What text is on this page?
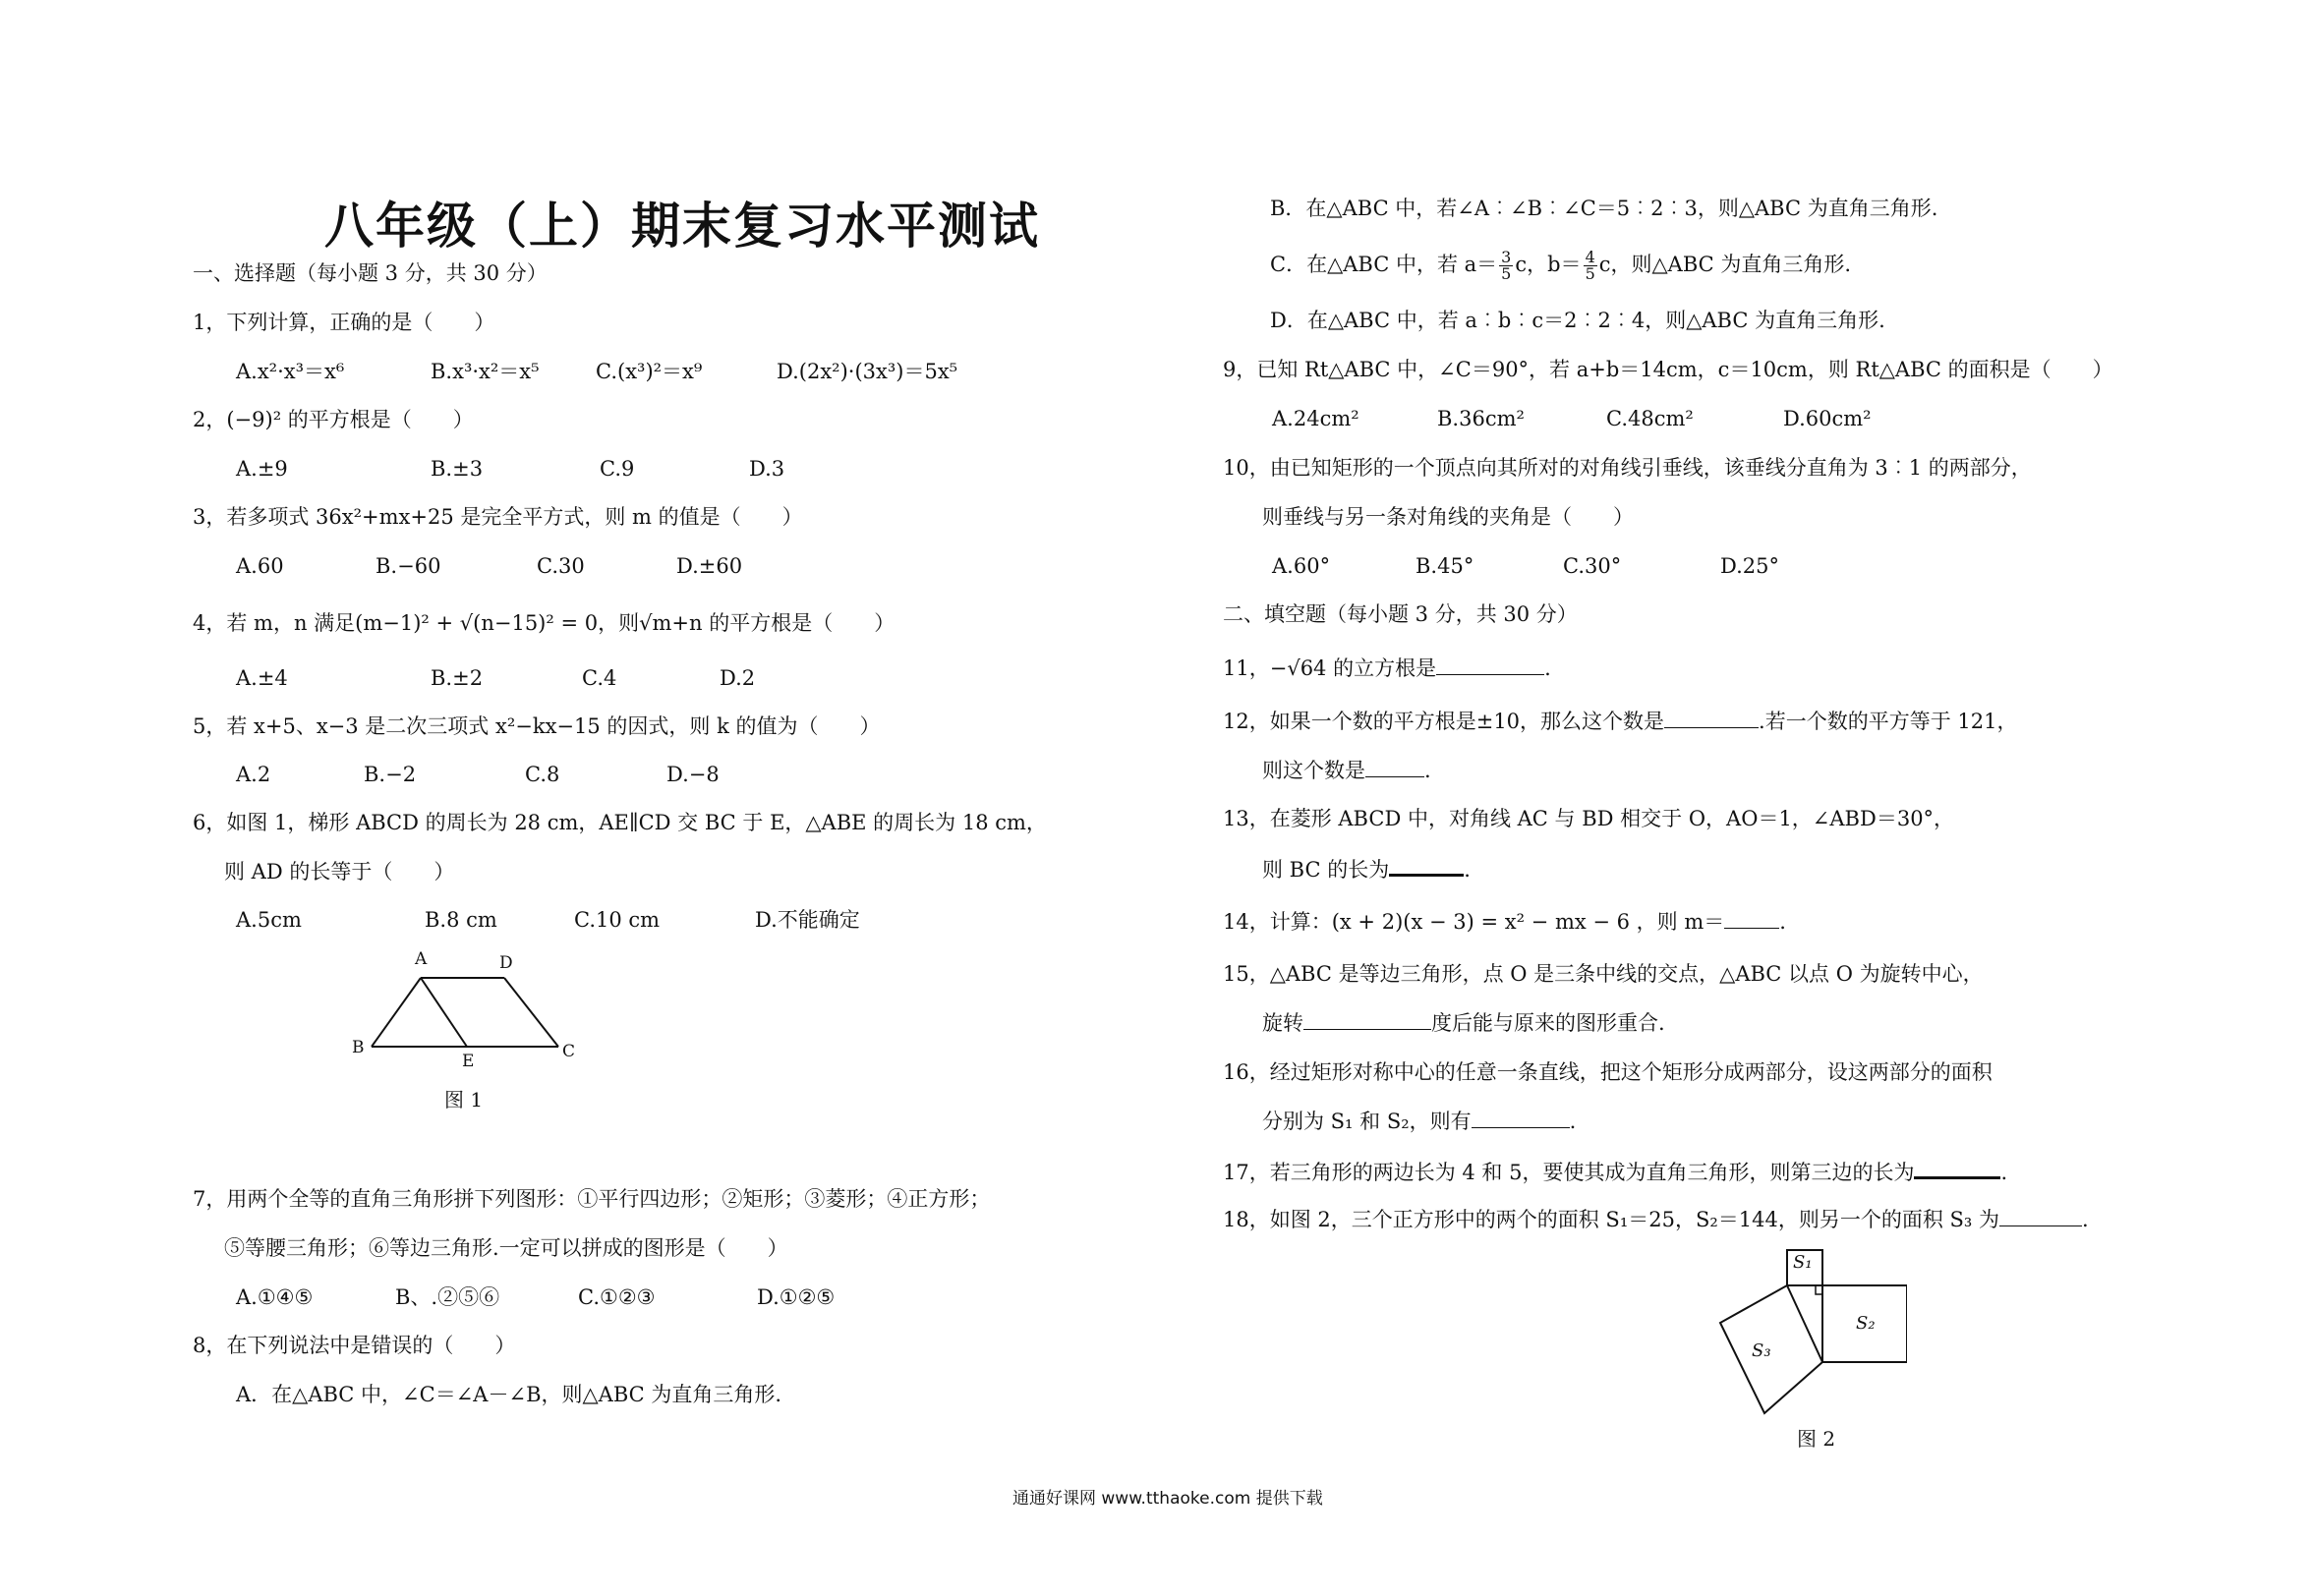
八年级（上）期末复习水平测试
一、选择题（每小题 3 分，共 30 分）
1，下列计算，正确的是（　　）
A.x²·x³＝x⁶	B.x³·x²＝x⁵	C.(x³)²＝x⁹	D.(2x²)·(3x³)＝5x⁵
2，(−9)² 的平方根是（　　）
A.±9	B.±3	C.9	D.3
3，若多项式 36x²+mx+25 是完全平方式，则 m 的值是（　　）
A.60	B.−60	C.30	D.±60
4，若 m，n 满足(m−1)² + √(n−15)² = 0，则√m+n 的平方根是（　　）
A.±4	B.±2	C.4	D.2
5，若 x+5、x−3 是二次三项式 x²−kx−15 的因式，则 k 的值为（　　）
A.2	B.−2	C.8	D.−8
6，如图 1，梯形 ABCD 的周长为 28 cm，AE∥CD 交 BC 于 E，△ABE 的周长为 18 cm，
则 AD 的长等于（　　）
A.5cm	B.8 cm	C.10 cm	D.不能确定
A	D
B
E	C
图 1
7，用两个全等的直角三角形拼下列图形：①平行四边形；②矩形；③菱形；④正方形；
⑤等腰三角形；⑥等边三角形.一定可以拼成的图形是（　　）
A.①④⑤	B、.②⑤⑥	C.①②③	D.①②⑤
8，在下列说法中是错误的（　　）
A．在△ABC 中，∠C＝∠A－∠B，则△ABC 为直角三角形.
B．在△ABC 中，若∠A︰∠B︰∠C＝5︰2︰3，则△ABC 为直角三角形.
C．在△ABC 中，若 $a= \frac{3}{5}$ c，$b= \frac{4}{5}$ c，则△ABC 为直角三角形.
D．在△ABC 中，若 a︰b︰c＝2︰2︰4，则△ABC 为直角三角形.
9，已知 Rt△ABC 中，∠C＝90°，若 a+b＝14cm，c＝10cm，则 Rt△ABC 的面积是（　　）
A.24cm²	B.36cm²	C.48cm²	D.60cm²
10，由已知矩形的一个顶点向其所对的对角线引垂线，该垂线分直角为 3︰1 的两部分，
则垂线与另一条对角线的夹角是（　　）
A.60°	B.45°	C.30°	D.25°
二、填空题（每小题 3 分，共 30 分）
11，−√64 的立方根是	.
12，如果一个数的平方根是±10，那么这个数是	.若一个数的平方等于 121，
则这个数是	.
13，在菱形 ABCD 中，对角线 AC 与 BD 相交于 O，AO＝1，∠ABD＝30°，
则 BC 的长为	.
14，计算：(x + 2)(x − 3) = x² − mx − 6 ，则 m＝	.
15，△ABC 是等边三角形，点 O 是三条中线的交点，△ABC 以点 O 为旋转中心，
旋转	度后能与原来的图形重合.
16，经过矩形对称中心的任意一条直线，把这个矩形分成两部分，设这两部分的面积
分别为 S₁ 和 S₂，则有	.
17，若三角形的两边长为 4 和 5，要使其成为直角三角形，则第三边的长为	.
18，如图 2，三个正方形中的两个的面积 S₁＝25，S₂＝144，则另一个的面积 S₃ 为	.
S₁
S₂
S₃
图 2
通通好课网 www.tthaoke.com 提供下载
